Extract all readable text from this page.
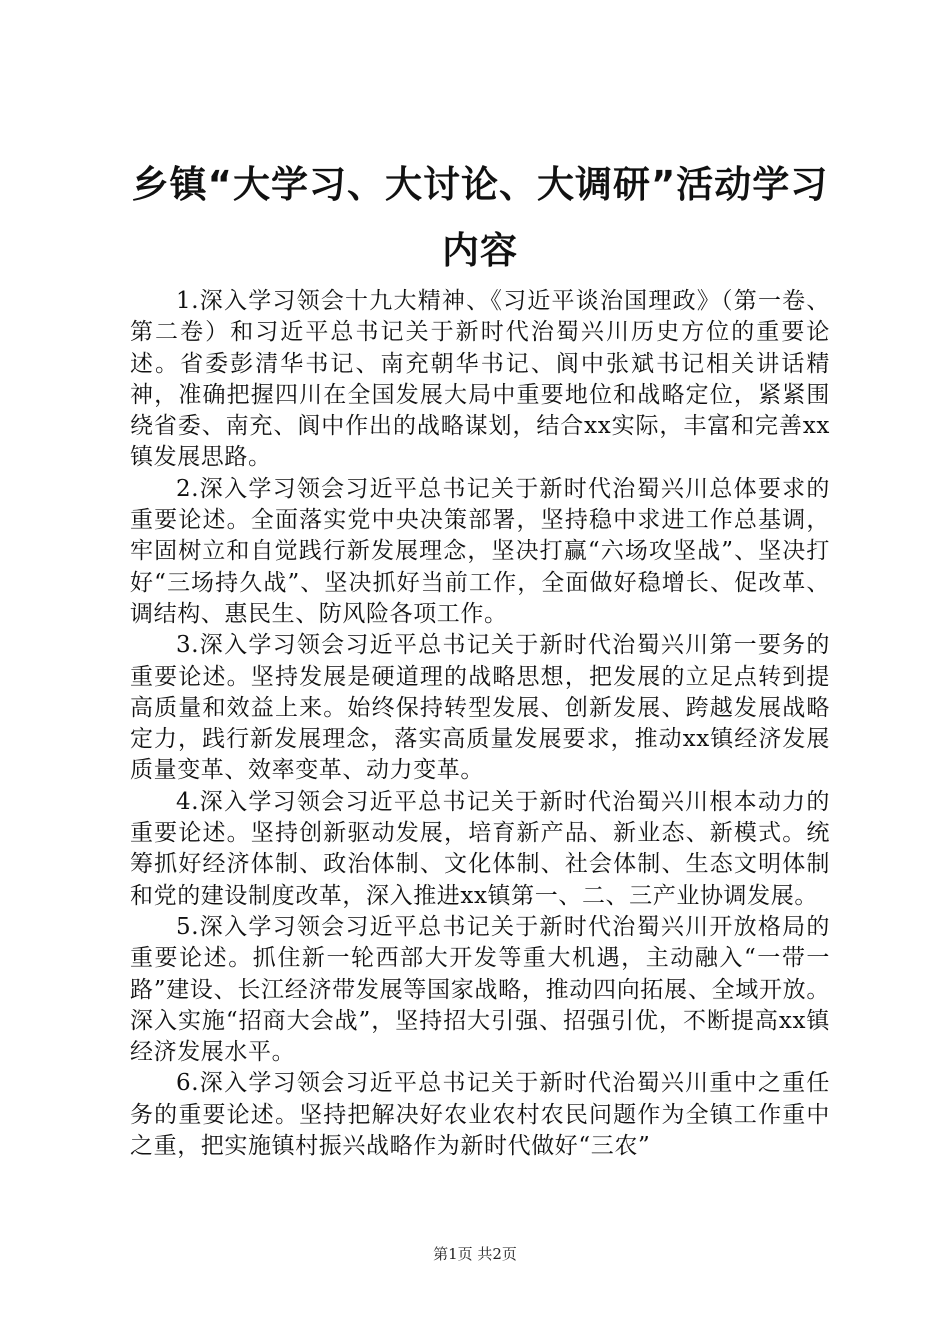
乡镇“大学习、大讨论、大调研”活动学习内容

1.深入学习领会十九大精神、《习近平谈治国理政》（第一卷、第二卷）和习近平总书记关于新时代治蜀兴川历史方位的重要论述。省委彭清华书记、南充朝华书记、阆中张斌书记相关讲话精神，准确把握四川在全国发展大局中重要地位和战略定位，紧紧围绕省委、南充、阆中作出的战略谋划，结合xx实际，丰富和完善xx镇发展思路。

2.深入学习领会习近平总书记关于新时代治蜀兴川总体要求的重要论述。全面落实党中央决策部署，坚持稳中求进工作总基调，牢固树立和自觉践行新发展理念，坚决打赢“六场攻坚战”、坚决打好“三场持久战”、坚决抓好当前工作，全面做好稳增长、促改革、调结构、惠民生、防风险各项工作。

3.深入学习领会习近平总书记关于新时代治蜀兴川第一要务的重要论述。坚持发展是硬道理的战略思想，把发展的立足点转到提高质量和效益上来。始终保持转型发展、创新发展、跨越发展战略定力，践行新发展理念，落实高质量发展要求，推动xx镇经济发展质量变革、效率变革、动力变革。

4.深入学习领会习近平总书记关于新时代治蜀兴川根本动力的重要论述。坚持创新驱动发展，培育新产品、新业态、新模式。统筹抓好经济体制、政治体制、文化体制、社会体制、生态文明体制和党的建设制度改革，深入推进xx镇第一、二、三产业协调发展。

5.深入学习领会习近平总书记关于新时代治蜀兴川开放格局的重要论述。抓住新一轮西部大开发等重大机遇，主动融入“一带一路”建设、长江经济带发展等国家战略，推动四向拓展、全域开放。深入实施“招商大会战”，坚持招大引强、招强引优，不断提高xx镇经济发展水平。

6.深入学习领会习近平总书记关于新时代治蜀兴川重中之重任务的重要论述。坚持把解决好农业农村农民问题作为全镇工作重中之重，把实施镇村振兴战略作为新时代做好“三农”

第1页 共2页
